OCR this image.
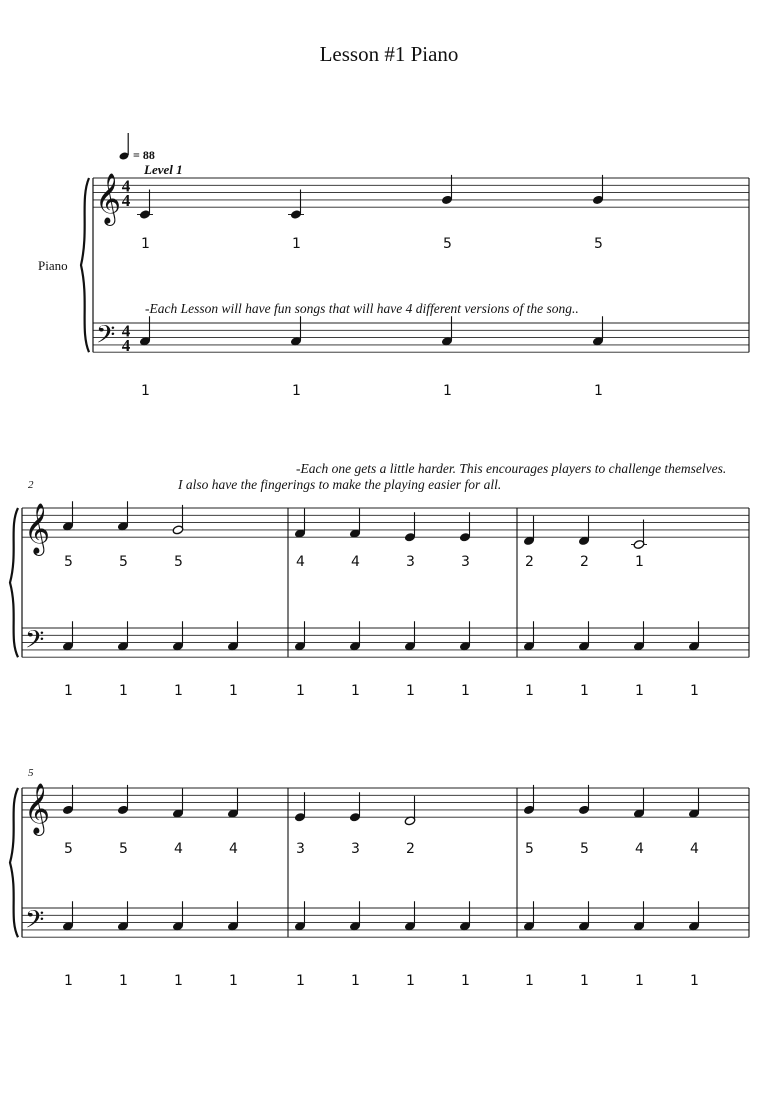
Lesson #1 Piano
Piano
= 88
Level 1
-Each Lesson will have fun songs that will have 4 different versions of the song..
-Each one gets a little harder. This encourages players to challenge themselves.
I also have the fingerings to make the playing easier for all.
𝄞
𝄢
4
4
4
4
1	1	5	5
1	1	1	1
𝄞
𝄢
2
5	5	5
1	1	1	1
4	4	3	3
1	1	1	1
2	2	1
1	1	1	1
𝄞
𝄢
5
5	5	4	4
1	1	1	1
3	3	2
1	1	1	1
5	5	4	4
1	1	1	1
